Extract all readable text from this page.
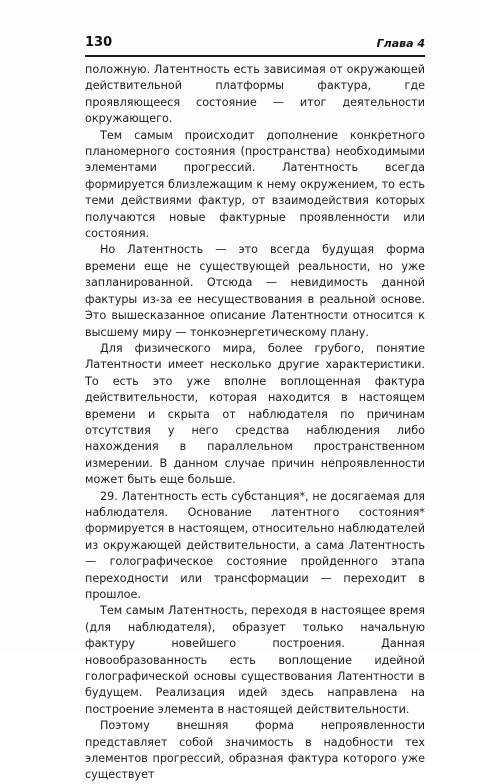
130	Глава 4

положную. Латентность есть зависимая от окружающей действительной платформы фактура, где проявляющееся состояние — итог деятельности окружающего.

Тем самым происходит дополнение конкретного планомерного состояния (пространства) необходимыми элементами прогрессий. Латентность всегда формируется близлежащим к нему окружением, то есть теми действиями фактур, от взаимодействия которых получаются новые фактурные проявленности или состояния.

Но Латентность — это всегда будущая форма времени еще не существующей реальности, но уже запланированной. Отсюда — невидимость данной фактуры из-за ее несуществования в реальной основе. Это вышесказанное описание Латентности относится к высшему миру — тонкоэнергетическому плану.

Для физического мира, более грубого, понятие Латентности имеет несколько другие характеристики. То есть это уже вполне воплощенная фактура действительности, которая находится в настоящем времени и скрыта от наблюдателя по причинам отсутствия у него средства наблюдения либо нахождения в параллельном пространственном измерении. В данном случае причин непроявленности может быть еще больше.

29. Латентность есть субстанция*, не досягаемая для наблюдателя. Основание латентного состояния* формируется в настоящем, относительно наблюдателей из окружающей действительности, а сама Латентность — голографическое состояние пройденного этапа переходности или трансформации — переходит в прошлое.

Тем самым Латентность, переходя в настоящее время (для наблюдателя), образует только начальную фактуру новейшего построения. Данная новообразованность есть воплощение идейной голографической основы существования Латентности в будущем. Реализация идей здесь направлена на построение элемента в настоящей действительности.

Поэтому внешняя форма непроявленности представляет собой значимость в надобности тех элементов прогрессий, образная фактура которого уже существует
